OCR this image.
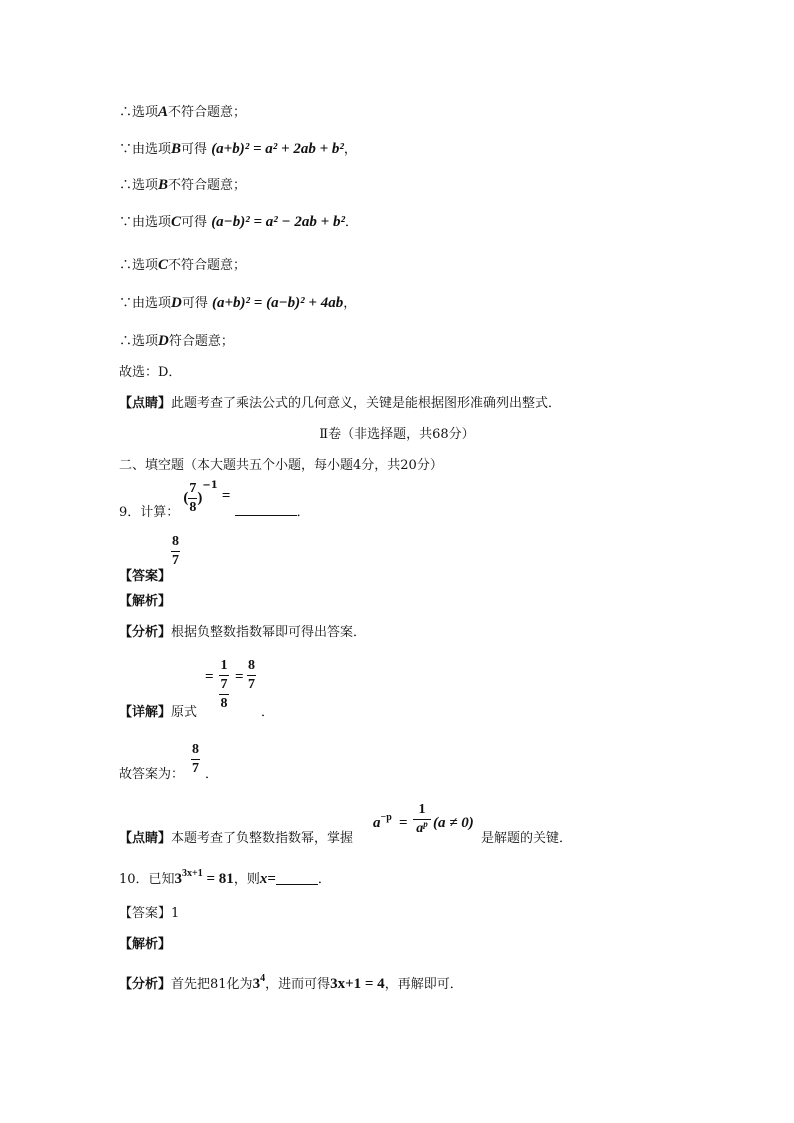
∴选项A不符合题意；
∵由选项B可得 (a+b)² = a² + 2ab + b²，
∴选项B不符合题意；
∵由选项C可得 (a−b)² = a² − 2ab + b²．
∴选项C不符合题意；
∵由选项D可得 (a+b)² = (a−b)² + 4ab，
∴选项D符合题意；
故选：D．
【点睛】此题考查了乘法公式的几何意义，关键是能根据图形准确列出整式．
Ⅱ卷（非选择题，共68分）
二、填空题（本大题共五个小题，每小题4分，共20分）
9．计算： ( $\frac{7}{8} )^{-1}$ = ．
【答案】
$\frac{8}{7}$
【解析】
【分析】根据负整数指数幂即可得出答案．
【详解】 原式
=
1
7
8
=
8
7
．
故答案为：
8
7 ．
【点睛】 本题考查了负整数指数幂，掌握
$a^{-p}$ =
1
$a^p$ (a ≠ 0)
是解题的关键．
10．已知$3^{3x+1} = 81$，则x=	．
【答案】1
【解析】
【分析】首先把81化为$3^4$，进而可得3x+1 = 4，再解即可．
